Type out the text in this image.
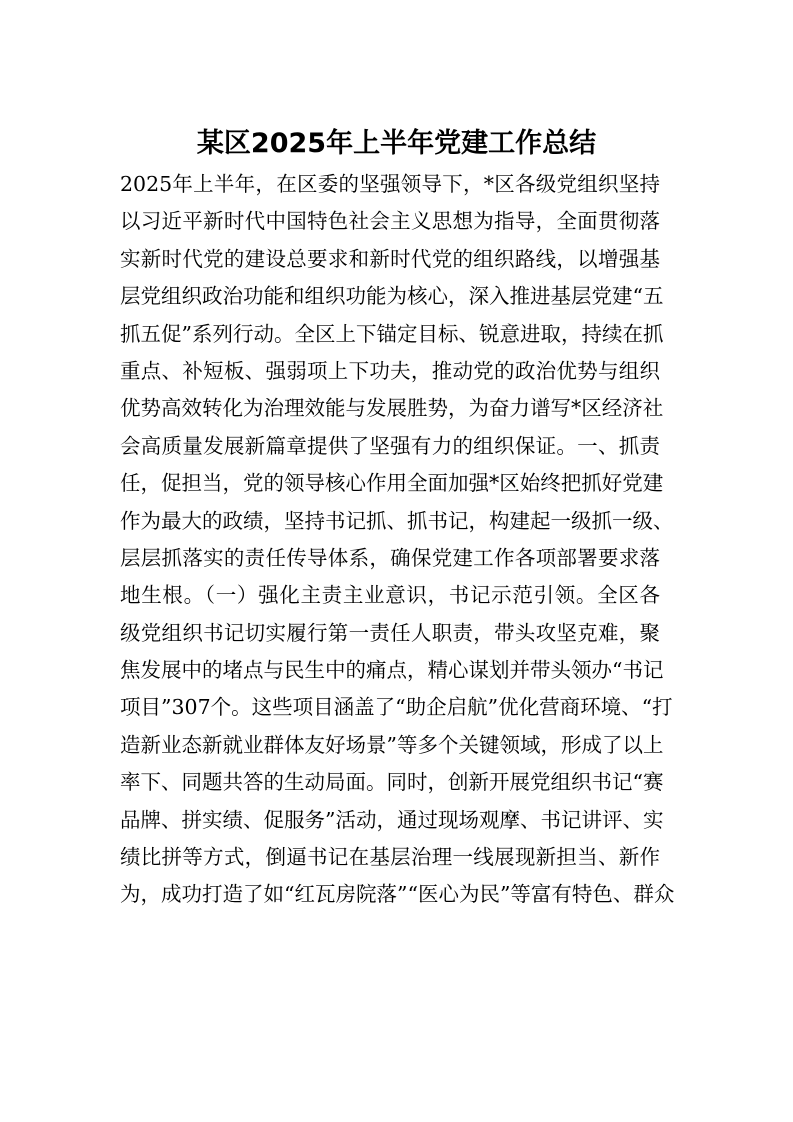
某区2025年上半年党建工作总结
2025年上半年，在区委的坚强领导下，*区各级党组织坚持
以习近平新时代中国特色社会主义思想为指导，全面贯彻落
实新时代党的建设总要求和新时代党的组织路线，以增强基
层党组织政治功能和组织功能为核心，深入推进基层党建“五
抓五促”系列行动。全区上下锚定目标、锐意进取，持续在抓
重点、补短板、强弱项上下功夫，推动党的政治优势与组织
优势高效转化为治理效能与发展胜势，为奋力谱写*区经济社
会高质量发展新篇章提供了坚强有力的组织保证。一、抓责
任，促担当，党的领导核心作用全面加强*区始终把抓好党建
作为最大的政绩，坚持书记抓、抓书记，构建起一级抓一级、
层层抓落实的责任传导体系，确保党建工作各项部署要求落
地生根。（一）强化主责主业意识，书记示范引领。全区各
级党组织书记切实履行第一责任人职责，带头攻坚克难，聚
焦发展中的堵点与民生中的痛点，精心谋划并带头领办“书记
项目”307个。这些项目涵盖了“助企启航”优化营商环境、“打
造新业态新就业群体友好场景”等多个关键领域，形成了以上
率下、同题共答的生动局面。同时，创新开展党组织书记“赛
品牌、拼实绩、促服务”活动，通过现场观摩、书记讲评、实
绩比拼等方式，倒逼书记在基层治理一线展现新担当、新作
为，成功打造了如“红瓦房院落”“医心为民”等富有特色、群众
